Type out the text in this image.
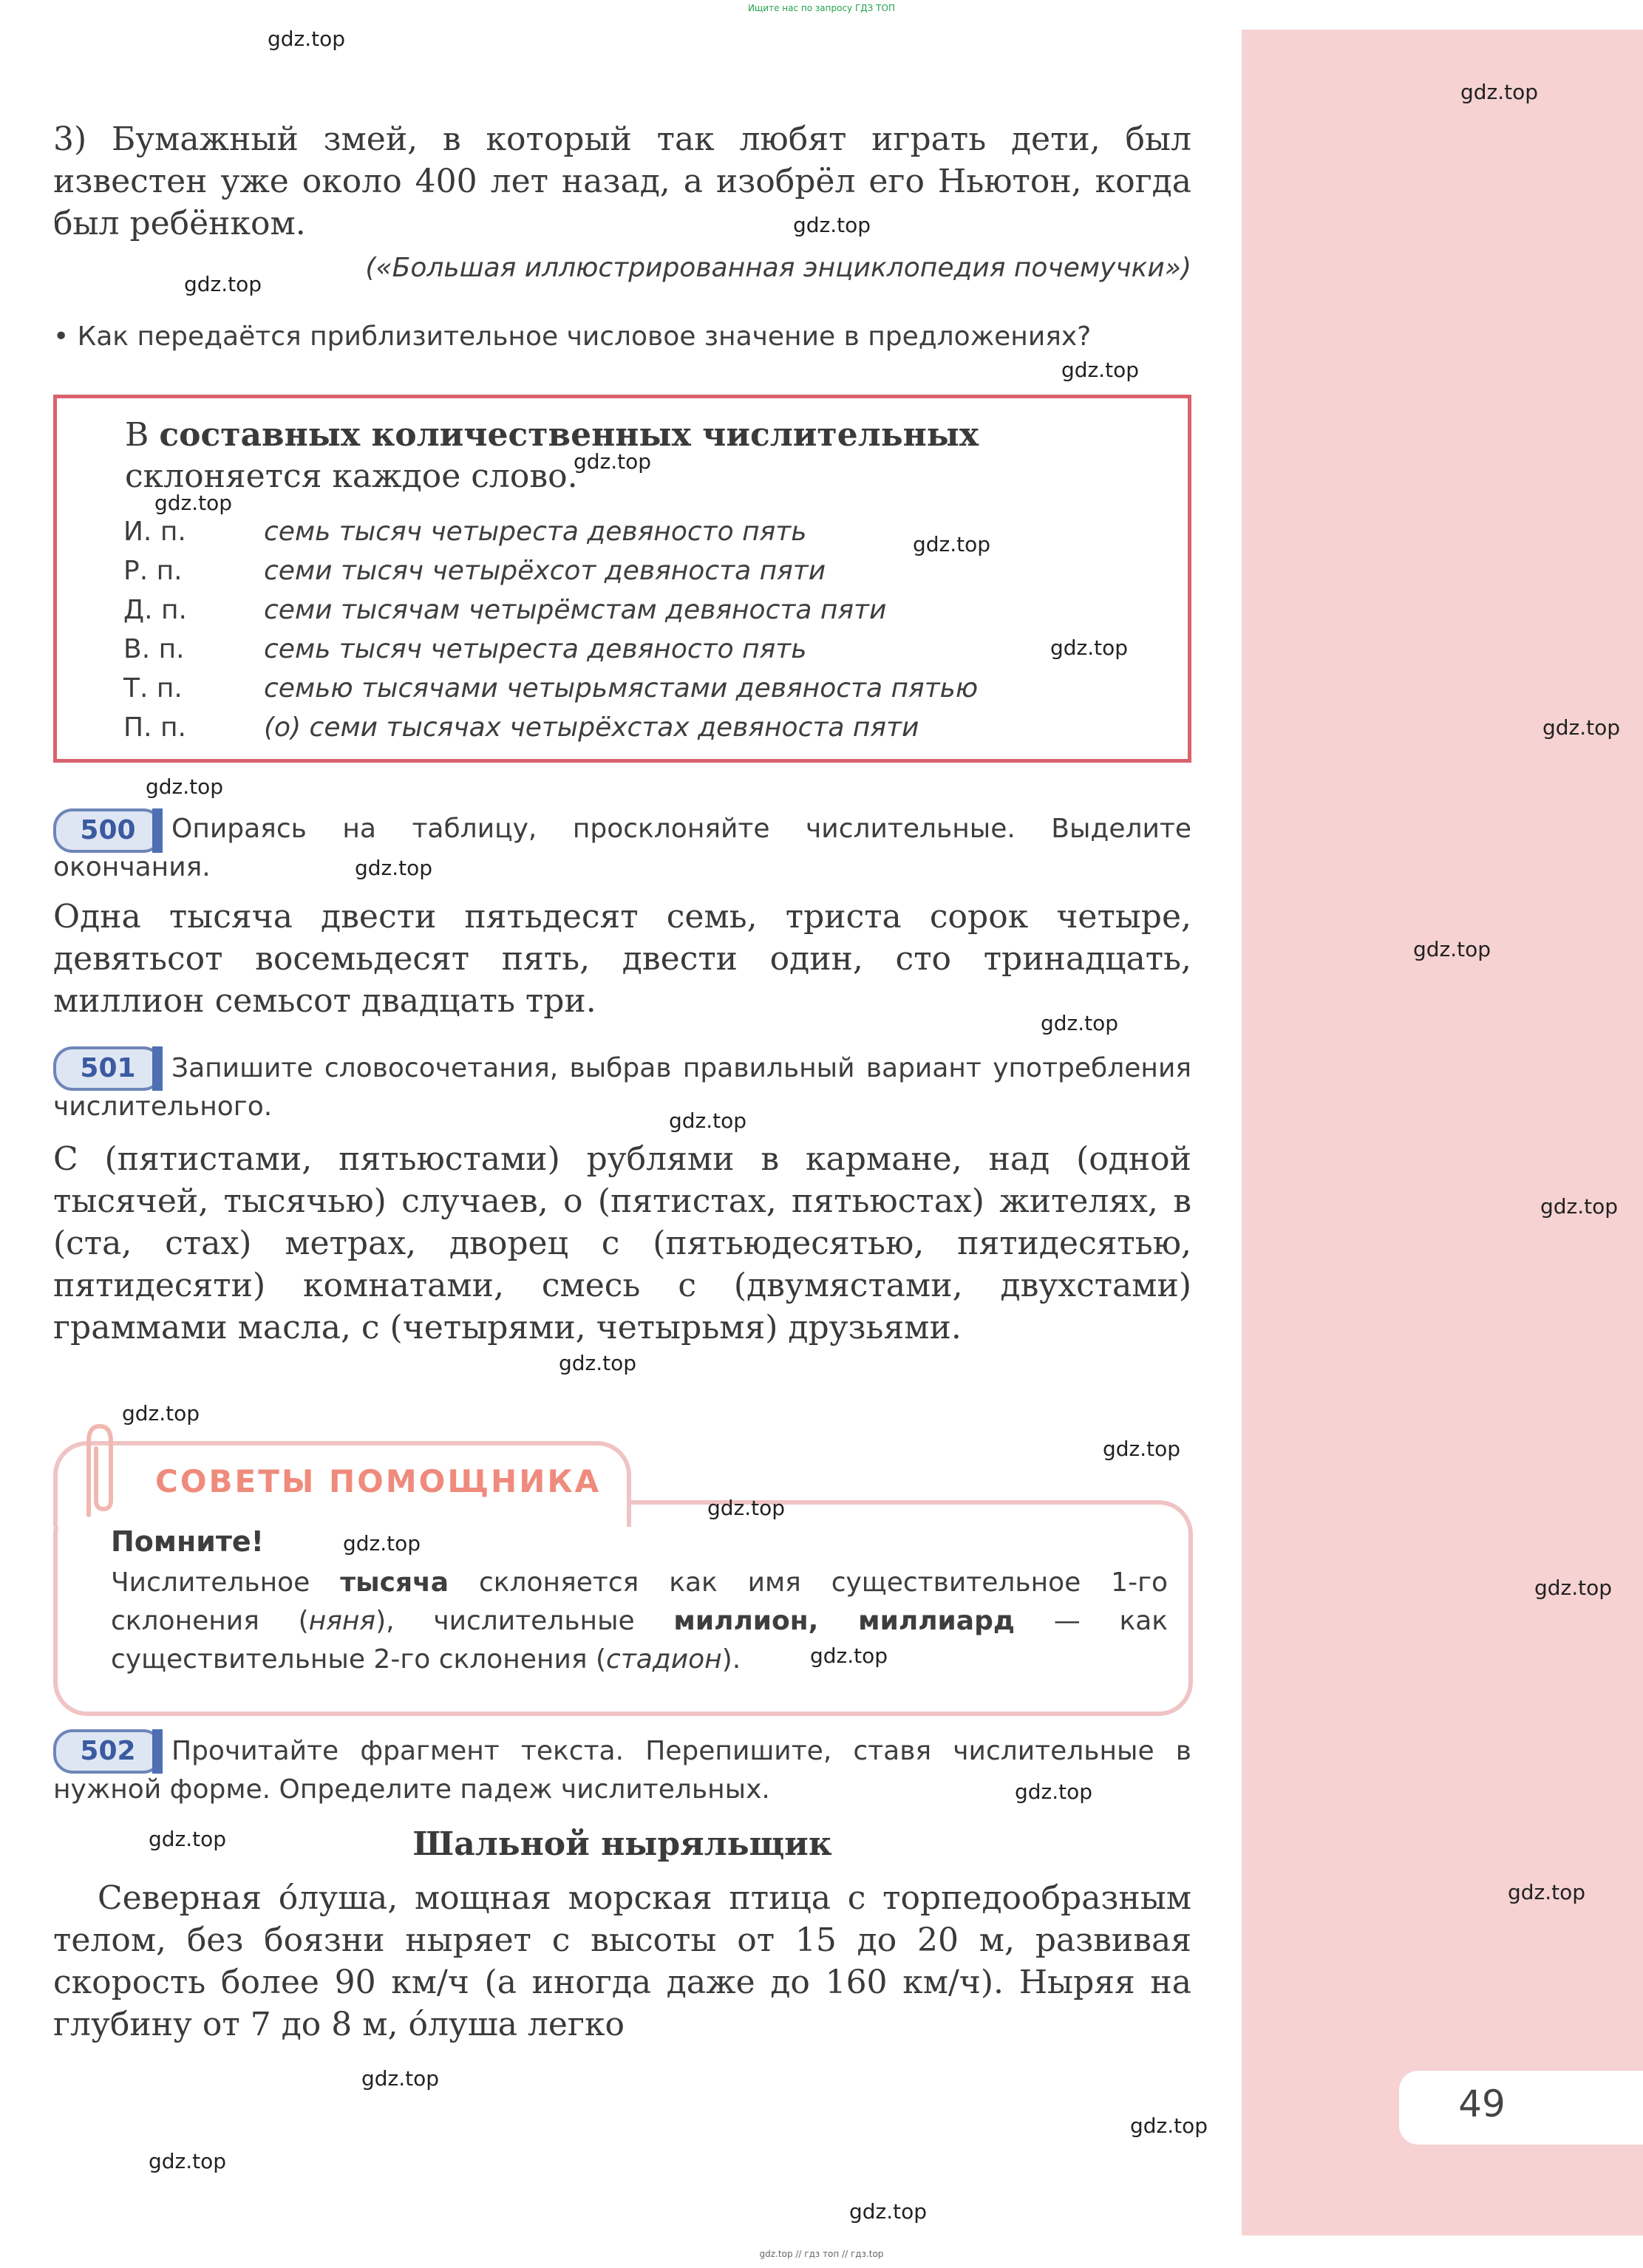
49
Ищите нас по запросу ГДЗ ТОП
3) Бумажный змей, в который так любят играть дети, был известен уже около 400 лет назад, а изобрёл его Ньютон, когда был ребёнком.
(«Большая иллюстрированная энциклопедия почемучки»)
• Как передаётся приблизительное числовое значение в предложениях?
В составных количественных числительных склоняется каждое слово.
И. п.	семь тысяч четыреста девяносто пять
Р. п.	семи тысяч четырёхсот девяноста пяти
Д. п.	семи тысячам четырёмстам девяноста пяти
В. п.	семь тысяч четыреста девяносто пять
Т. п.	семью тысячами четырьмястами девяноста пятью
П. п.	(о) семи тысячах четырёхстах девяноста пяти
500	Опираясь на таблицу, просклоняйте числительные. Выделите окончания.
Одна тысяча двести пятьдесят семь, триста сорок четыре, девятьсот восемьдесят пять, двести один, сто тринадцать, миллион семьсот двадцать три.
501	Запишите словосочетания, выбрав правильный вариант употребления числительного.
С (пятистами, пятьюстами) рублями в кармане, над (одной тысячей, тысячью) случаев, о (пятистах, пятьюстах) жителях, в (ста, стах) метрах, дворец с (пятьюдесятью, пятидесятью, пятидесяти) комнатами, смесь с (двумястами, двухстами) граммами масла, с (четырями, четырьмя) друзьями.
СОВЕТЫ ПОМОЩНИКА
Помните!
Числительное тысяча склоняется как имя существительное 1-го склонения (няня), числительные миллион, миллиард — как существительные 2-го склонения (стадион).
502	Прочитайте фрагмент текста. Перепишите, ставя числительные в нужной форме. Определите падеж числительных.
Шальной ныряльщик
Северная о́луша, мощная морская птица с торпедообразным телом, без боязни ныряет с высоты от 15 до 20 м, развивая скорость более 90 км/ч (а иногда даже до 160 км/ч). Ныряя на глубину от 7 до 8 м, о́луша легко
gdz.top
gdz.top
gdz.top
gdz.top
gdz.top
gdz.top
gdz.top
gdz.top
gdz.top
gdz.top
gdz.top
gdz.top
gdz.top
gdz.top
gdz.top
gdz.top
gdz.top
gdz.top
gdz.top
gdz.top
gdz.top
gdz.top
gdz.top
gdz.top
gdz.top
gdz.top
gdz.top
gdz.top
gdz.top
gdz.top
gdz.top // гдз топ // гдз.top
